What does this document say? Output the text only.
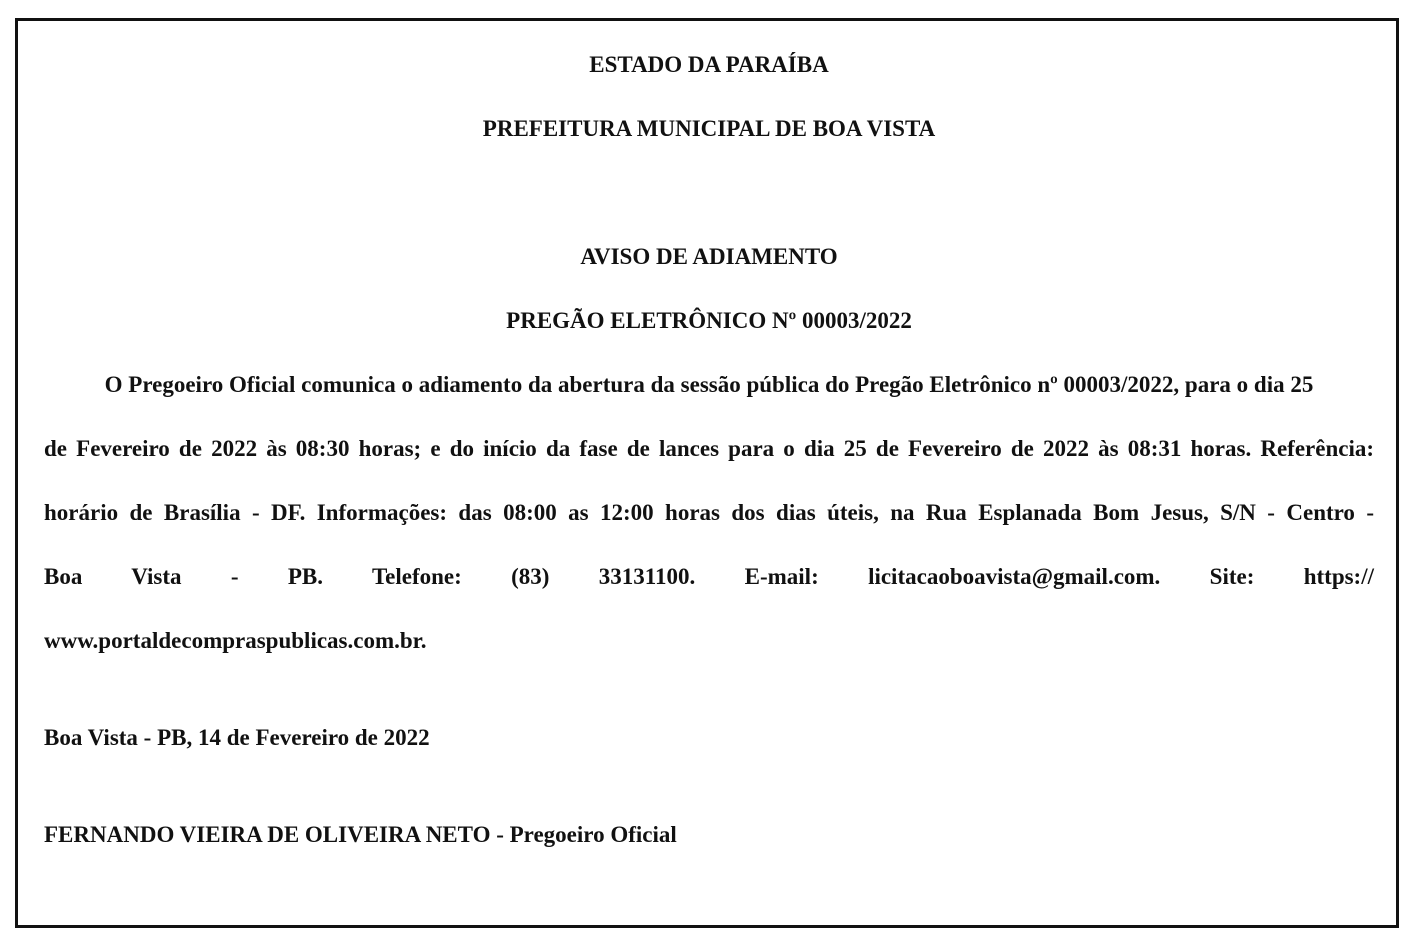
ESTADO DA PARAÍBA
PREFEITURA MUNICIPAL DE BOA VISTA
AVISO DE ADIAMENTO
PREGÃO ELETRÔNICO Nº 00003/2022
O Pregoeiro Oficial comunica o adiamento da abertura da sessão pública do Pregão Eletrônico nº 00003/2022, para o dia 25
de Fevereiro de 2022 às 08:30 horas; e do início da fase de lances para o dia 25 de Fevereiro de 2022 às 08:31 horas. Referência:
horário de Brasília - DF. Informações: das 08:00 as 12:00 horas dos dias úteis, na Rua Esplanada Bom Jesus, S/N - Centro -
Boa Vista - PB. Telefone: (83) 33131100. E-mail: licitacaoboavista@gmail.com. Site: https://
www.portaldecompraspublicas.com.br.
Boa Vista - PB, 14 de Fevereiro de 2022
FERNANDO VIEIRA DE OLIVEIRA NETO - Pregoeiro Oficial
